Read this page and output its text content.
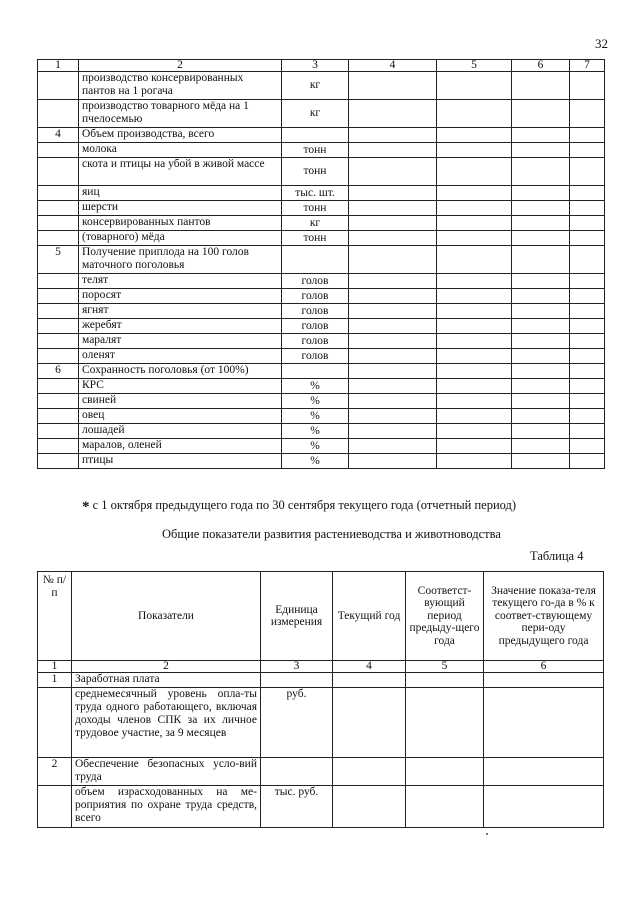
32
1	2	3	4	5	6	7
	производство консервированных пантов на 1 рогача	кг				
	производство товарного мёда на 1 пчелосемью	кг				
4	Объем производства, всего					
	молока	тонн				
	скота и птицы на убой в живой массе	тонн				
	яиц	тыс. шт.				
	шерсти	тонн				
	консервированных пантов	кг				
	(товарного) мёда	тонн				
5	Получение приплода на 100 голов маточного поголовья					
	телят	голов				
	поросят	голов				
	ягнят	голов				
	жеребят	голов				
	маралят	голов				
	оленят	голов				
6	Сохранность поголовья (от 100%)					
	КРС	%				
	свиней	%				
	овец	%				
	лошадей	%				
	маралов, оленей	%				
	птицы	%				
* с 1 октября предыдущего года по 30 сентября текущего года (отчетный период)
Общие показатели развития растениеводства и животноводства
Таблица 4
№ п/п	Показатели	Единица измерения	Текущий год	Соответст-вующий период предыду-щего года	Значение показа-теля текущего го-да в % к соответ-ствующему пери-оду предыдущего года
1	2	3	4	5	6
1	Заработная плата				
	среднемесячный уровень опла-ты труда одного работающего, включая доходы членов СПК за их личное трудовое участие, за 9 месяцев	руб.			
2	Обеспечение безопасных усло-вий труда				
	объем израсходованных на ме-роприятия по охране труда средств, всего	тыс. руб.			
